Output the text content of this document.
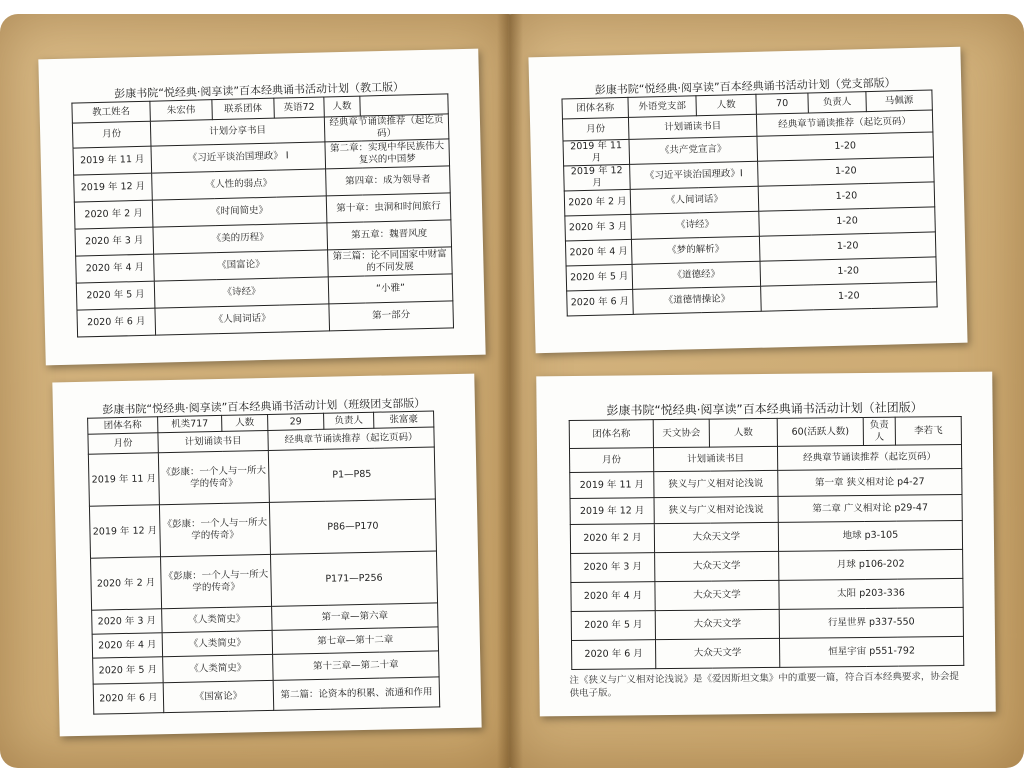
彭康书院“悦经典·阅享读”百本经典诵书活动计划（教工版）
教工姓名	朱宏伟	联系团体	英语72	人数	
月份	计划分享书目			经典章节诵读推荐（起讫页码）	
2019 年 11 月	《习近平谈治国理政》 Ⅰ			第二章：实现中华民族伟大复兴的中国梦	
2019 年 12 月	《人性的弱点》			第四章：成为领导者	
2020 年 2 月	《时间简史》			第十章：虫洞和时间旅行	
2020 年 3 月	《美的历程》			第五章：魏晋风度	
2020 年 4 月	《国富论》			第三篇：论不同国家中财富的不同发展	
2020 年 5 月	《诗经》			“小雅”	
2020 年 6 月	《人间词话》			第一部分	
彭康书院“悦经典·阅享读”百本经典诵书活动计划（党支部版）
团体名称	外语党支部	人数	70	负责人	马佩源
月份	计划诵读书目		经典章节诵读推荐（起讫页码）		
2019 年 11 月	《共产党宣言》		1-20		
2019 年 12 月	《习近平谈治国理政》Ⅰ		1-20		
2020 年 2 月	《人间词话》		1-20		
2020 年 3 月	《诗经》		1-20		
2020 年 4 月	《梦的解析》		1-20		
2020 年 5 月	《道德经》		1-20		
2020 年 6 月	《道德情操论》		1-20		
彭康书院“悦经典·阅享读”百本经典诵书活动计划（班级团支部版）
团体名称	机类717	人数	29	负责人	张富豪
月份	计划诵读书目		经典章节诵读推荐（起讫页码）		
2019 年 11 月	《彭康：一个人与一所大学的传奇》		P1—P85		
2019 年 12 月	《彭康：一个人与一所大学的传奇》		P86—P170		
2020 年 2 月	《彭康：一个人与一所大学的传奇》		P171—P256		
2020 年 3 月	《人类简史》		第一章—第六章		
2020 年 4 月	《人类简史》		第七章—第十二章		
2020 年 5 月	《人类简史》		第十三章—第二十章		
2020 年 6 月	《国富论》		第二篇：论资本的积累、流通和作用		
彭康书院“悦经典·阅享读”百本经典诵书活动计划（社团版）
团体名称	天文协会	人数	60(活跃人数)	负责人	李若飞
月份	计划诵读书目		经典章节诵读推荐（起讫页码）		
2019 年 11 月	狭义与广义相对论浅说		第一章 狭义相对论 p4-27		
2019 年 12 月	狭义与广义相对论浅说		第二章 广义相对论 p29-47		
2020 年 2 月	大众天文学		地球 p3-105		
2020 年 3 月	大众天文学		月球 p106-202		
2020 年 4 月	大众天文学		太阳 p203-336		
2020 年 5 月	大众天文学		行星世界 p337-550		
2020 年 6 月	大众天文学		恒星宇宙 p551-792		
注《狭义与广义相对论浅说》是《爱因斯坦文集》中的重要一篇，符合百本经典要求，协会提供电子版。
